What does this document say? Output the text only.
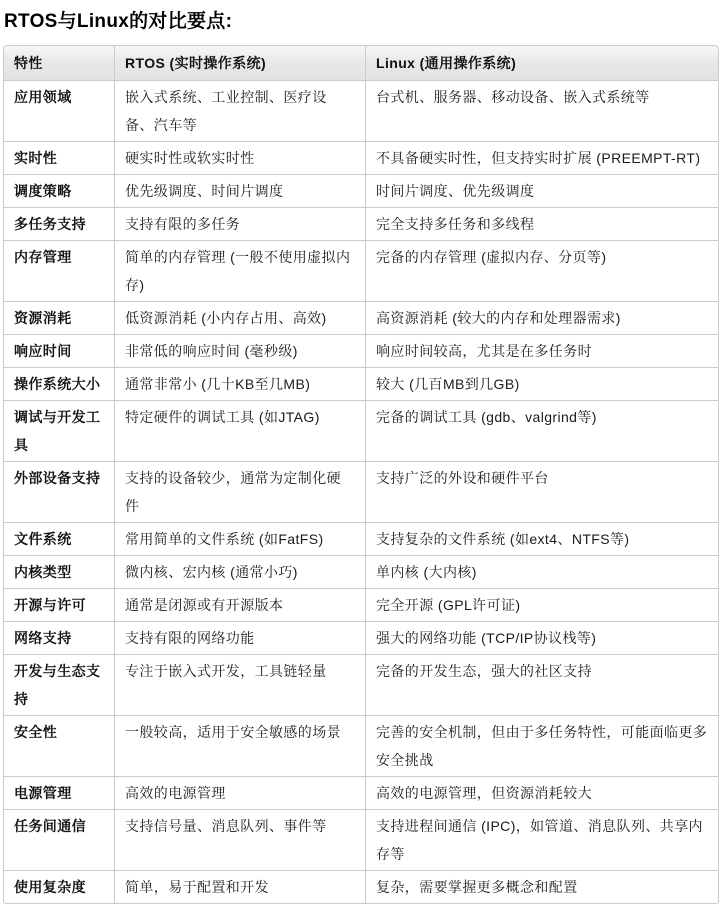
RTOS与Linux的对比要点:
特性	RTOS (实时操作系统)	Linux (通用操作系统)
应用领域	嵌入式系统、工业控制、医疗设备、汽车等	台式机、服务器、移动设备、嵌入式系统等
实时性	硬实时性或软实时性	不具备硬实时性，但支持实时扩展 (PREEMPT-RT)
调度策略	优先级调度、时间片调度	时间片调度、优先级调度
多任务支持	支持有限的多任务	完全支持多任务和多线程
内存管理	简单的内存管理 (一般不使用虚拟内存)	完备的内存管理 (虚拟内存、分页等)
资源消耗	低资源消耗 (小内存占用、高效)	高资源消耗 (较大的内存和处理器需求)
响应时间	非常低的响应时间 (毫秒级)	响应时间较高，尤其是在多任务时
操作系统大小	通常非常小 (几十KB至几MB)	较大 (几百MB到几GB)
调试与开发工具	特定硬件的调试工具 (如JTAG)	完备的调试工具 (gdb、valgrind等)
外部设备支持	支持的设备较少，通常为定制化硬件	支持广泛的外设和硬件平台
文件系统	常用简单的文件系统 (如FatFS)	支持复杂的文件系统 (如ext4、NTFS等)
内核类型	微内核、宏内核 (通常小巧)	单内核 (大内核)
开源与许可	通常是闭源或有开源版本	完全开源 (GPL许可证)
网络支持	支持有限的网络功能	强大的网络功能 (TCP/IP协议栈等)
开发与生态支持	专注于嵌入式开发，工具链轻量	完备的开发生态，强大的社区支持
安全性	一般较高，适用于安全敏感的场景	完善的安全机制，但由于多任务特性，可能面临更多安全挑战
电源管理	高效的电源管理	高效的电源管理，但资源消耗较大
任务间通信	支持信号量、消息队列、事件等	支持进程间通信 (IPC)，如管道、消息队列、共享内存等
使用复杂度	简单，易于配置和开发	复杂，需要掌握更多概念和配置
